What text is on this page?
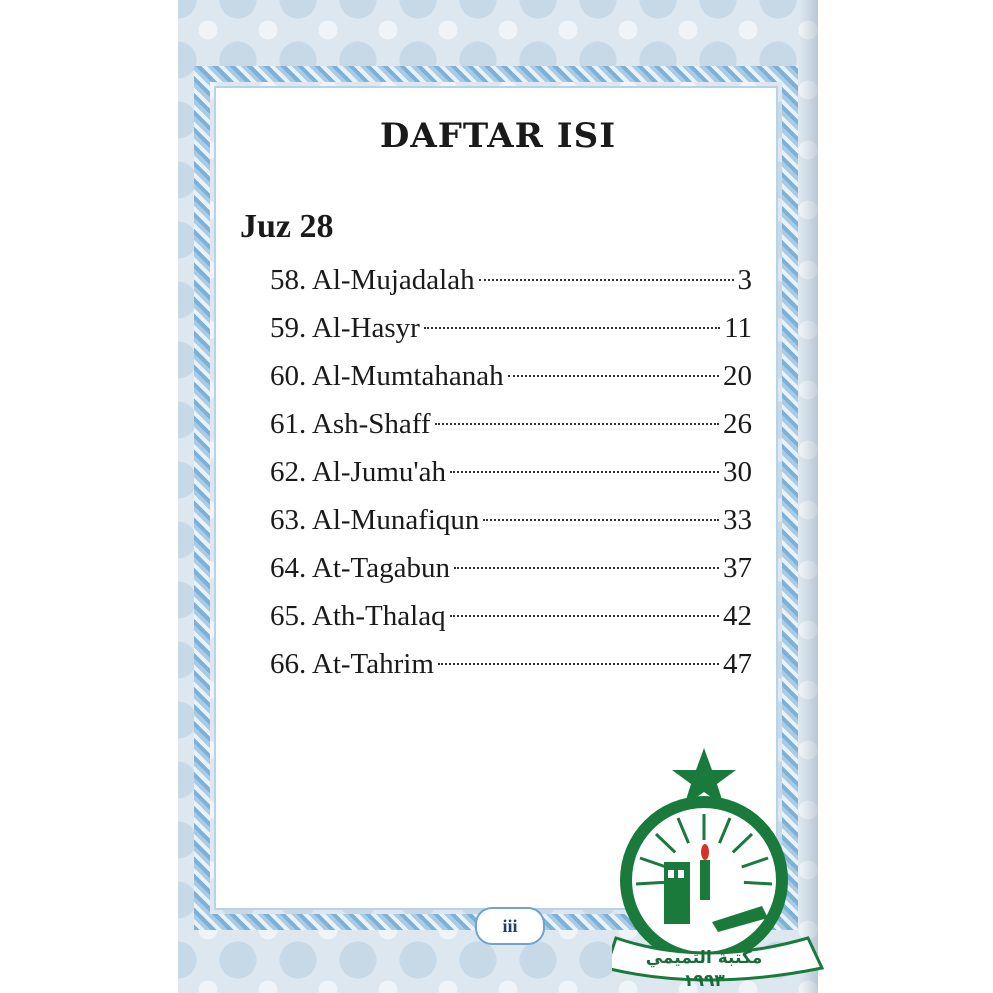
DAFTAR ISI
Juz 28
58. Al-Mujadalah	3
59. Al-Hasyr	11
60. Al-Mumtahanah	20
61. Ash-Shaff	26
62. Al-Jumu'ah	30
63. Al-Munafiqun	33
64. At-Tagabun	37
65. Ath-Thalaq	42
66. At-Tahrim	47
iii
مكتبة التميمي
١٩٩٣
